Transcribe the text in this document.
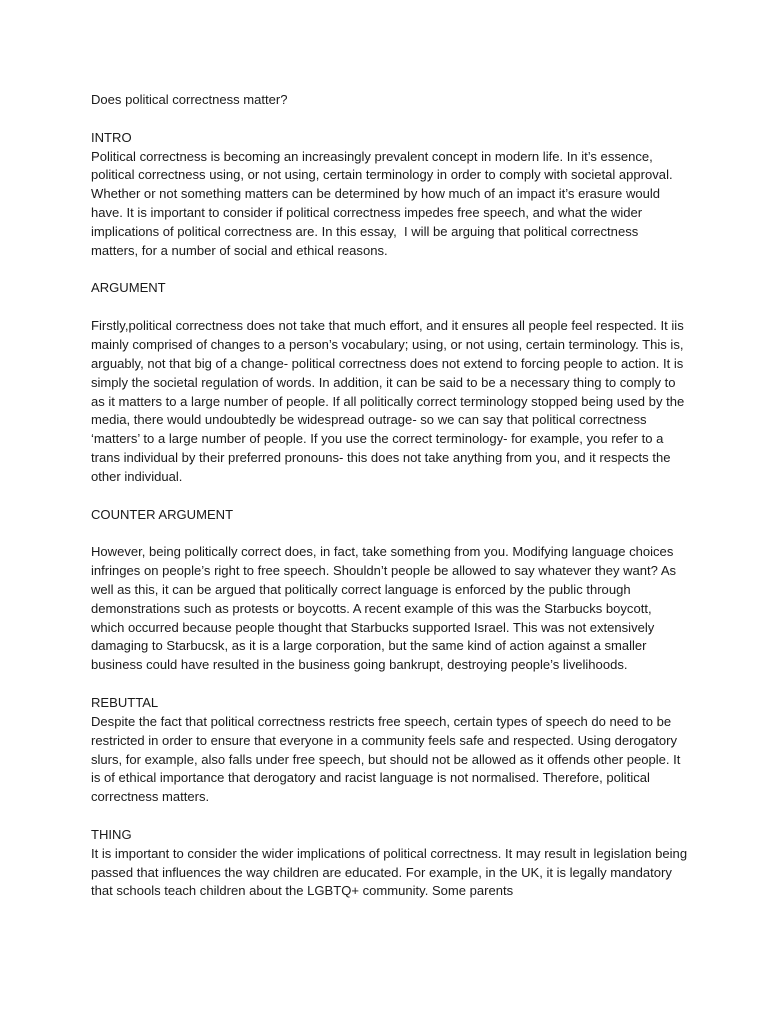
Does political correctness matter?

INTRO

Political correctness is becoming an increasingly prevalent concept in modern life. In it’s essence, political correctness using, or not using, certain terminology in order to comply with societal approval. Whether or not something matters can be determined by how much of an impact it’s erasure would have. It is important to consider if political correctness impedes free speech, and what the wider implications of political correctness are. In this essay,  I will be arguing that political correctness matters, for a number of social and ethical reasons.

ARGUMENT

Firstly,political correctness does not take that much effort, and it ensures all people feel respected. It iis mainly comprised of changes to a person’s vocabulary; using, or not using, certain terminology. This is, arguably, not that big of a change- political correctness does not extend to forcing people to action. It is simply the societal regulation of words. In addition, it can be said to be a necessary thing to comply to as it matters to a large number of people. If all politically correct terminology stopped being used by the media, there would undoubtedly be widespread outrage- so we can say that political correctness ‘matters’ to a large number of people. If you use the correct terminology- for example, you refer to a trans individual by their preferred pronouns- this does not take anything from you, and it respects the other individual.

COUNTER ARGUMENT

However, being politically correct does, in fact, take something from you. Modifying language choices infringes on people’s right to free speech. Shouldn’t people be allowed to say whatever they want? As well as this, it can be argued that politically correct language is enforced by the public through demonstrations such as protests or boycotts. A recent example of this was the Starbucks boycott, which occurred because people thought that Starbucks supported Israel. This was not extensively damaging to Starbucsk, as it is a large corporation, but the same kind of action against a smaller business could have resulted in the business going bankrupt, destroying people’s livelihoods.

REBUTTAL

Despite the fact that political correctness restricts free speech, certain types of speech do need to be restricted in order to ensure that everyone in a community feels safe and respected. Using derogatory slurs, for example, also falls under free speech, but should not be allowed as it offends other people. It is of ethical importance that derogatory and racist language is not normalised. Therefore, political correctness matters.

THING

It is important to consider the wider implications of political correctness. It may result in legislation being passed that influences the way children are educated. For example, in the UK, it is legally mandatory that schools teach children about the LGBTQ+ community. Some parents
